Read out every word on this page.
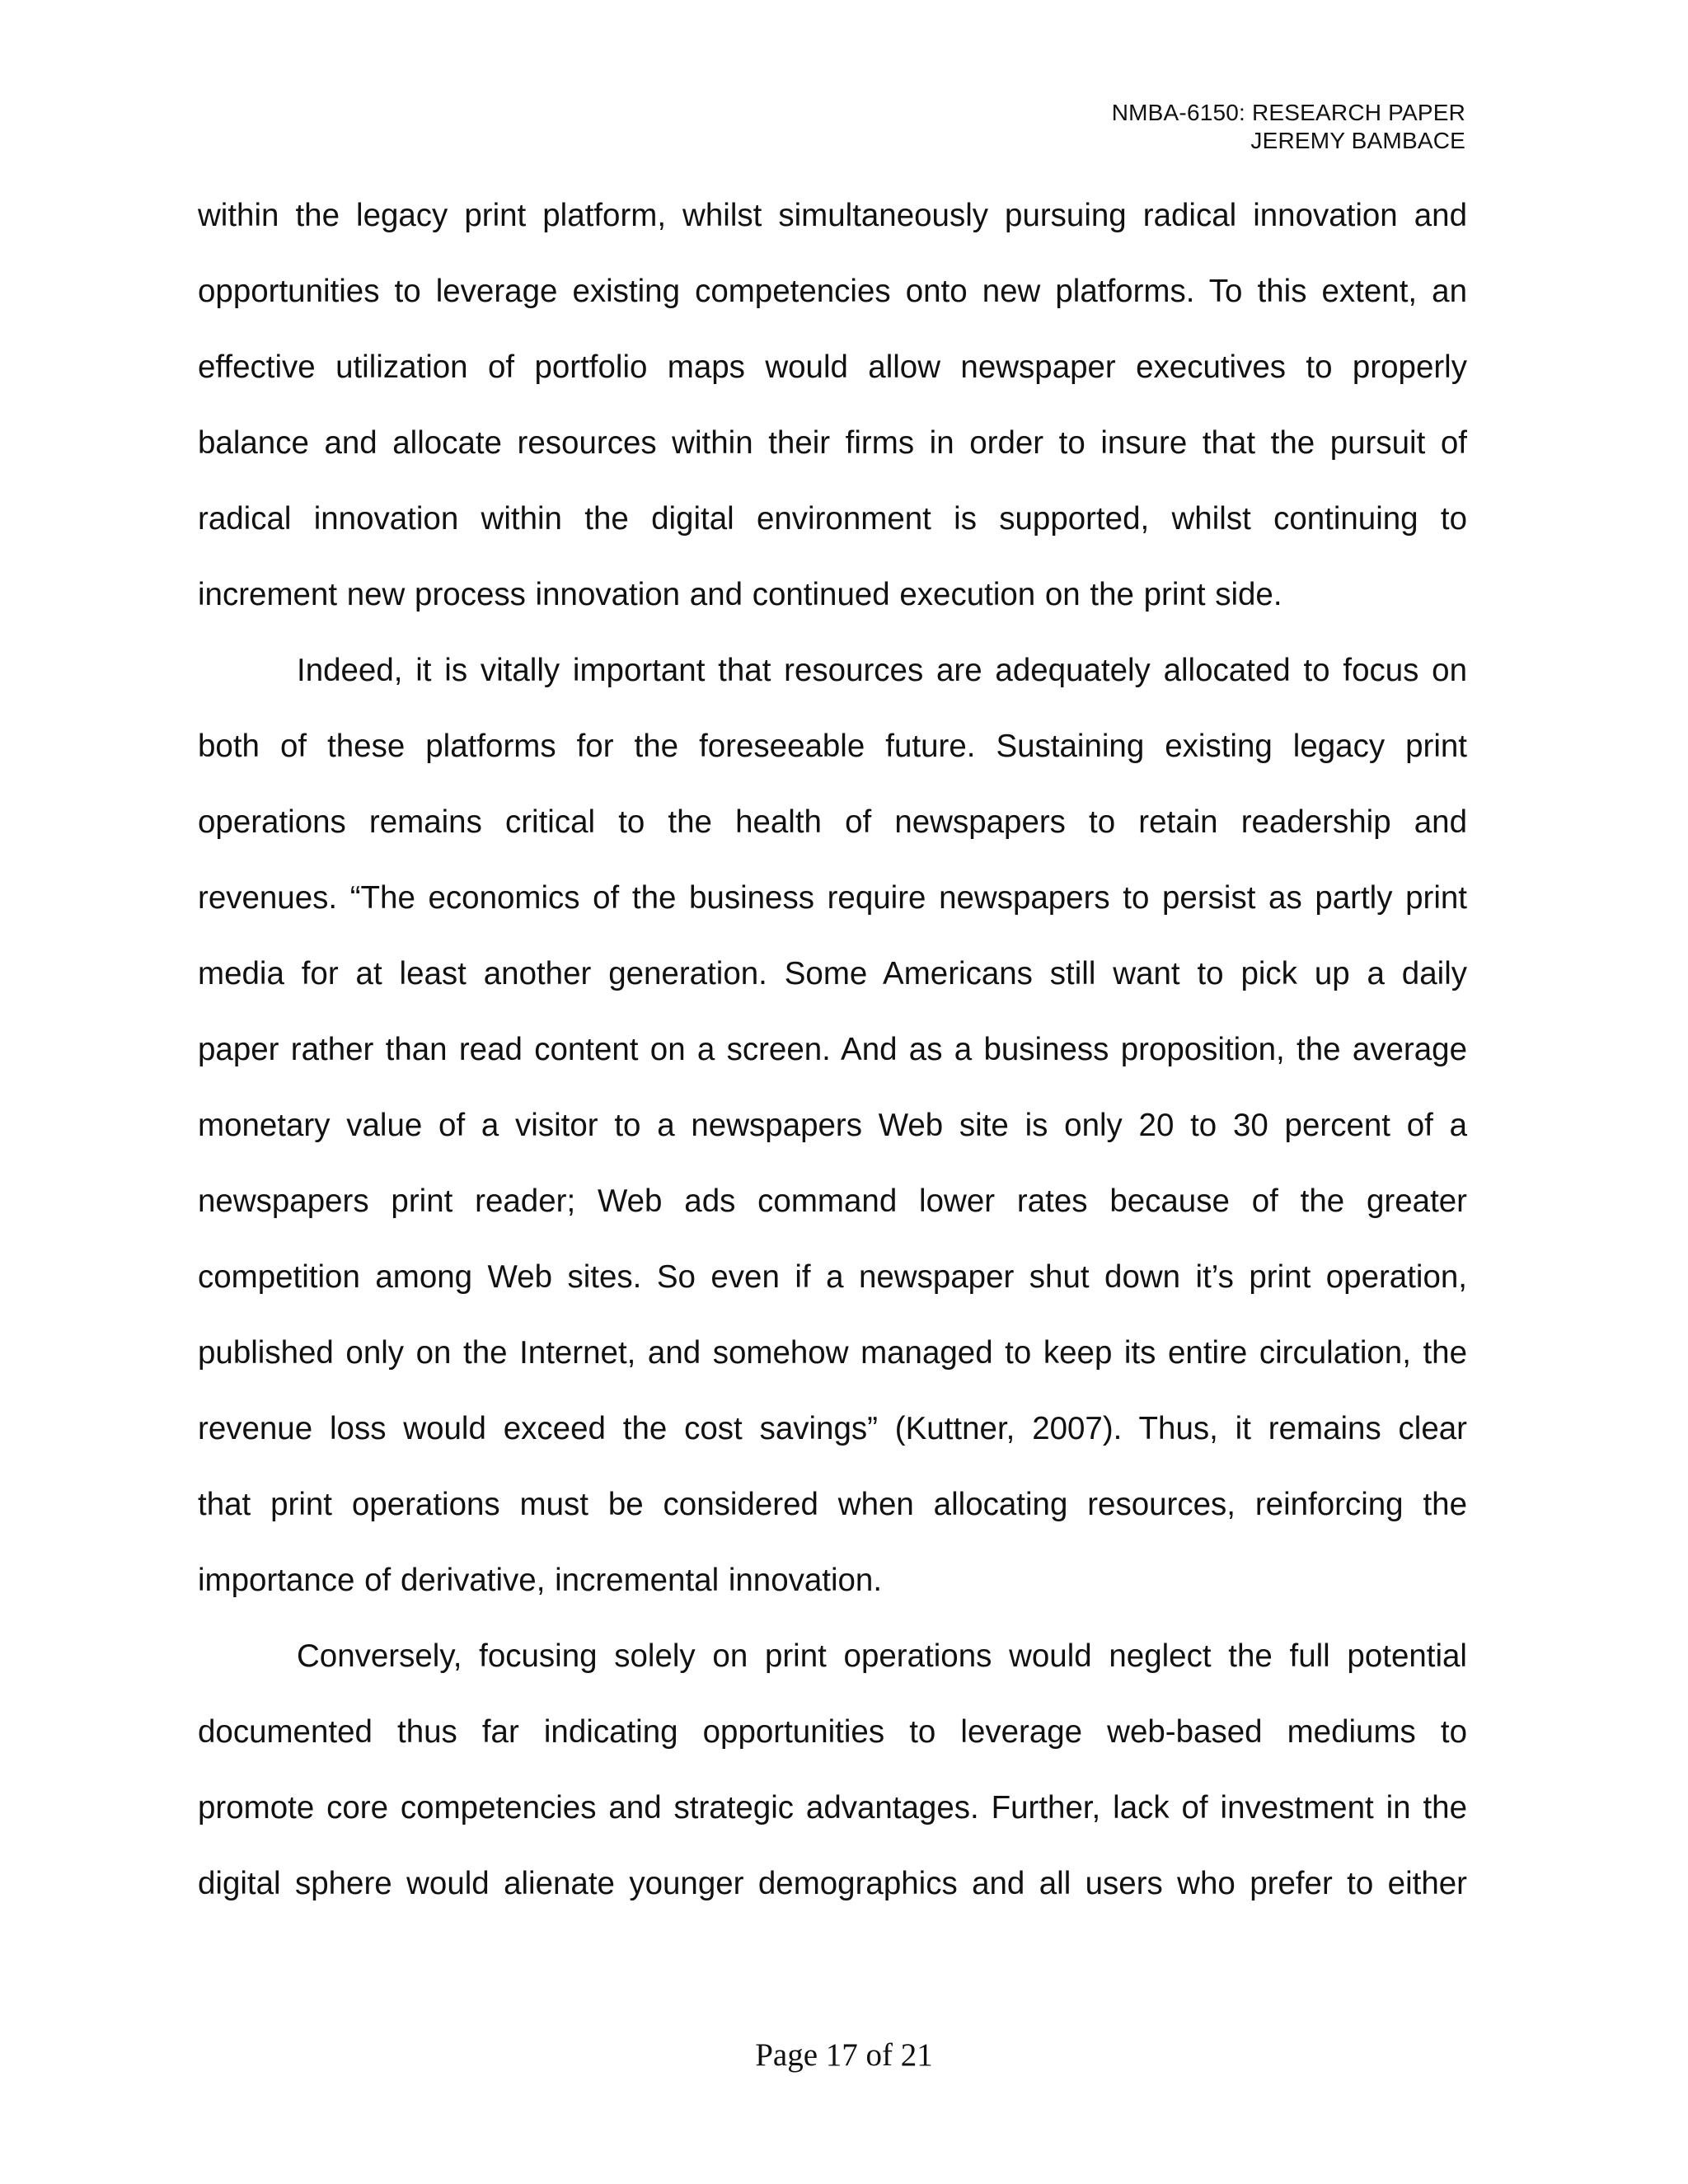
NMBA-6150: RESEARCH PAPER
JEREMY BAMBACE
within the legacy print platform, whilst simultaneously pursuing radical innovation and
opportunities to leverage existing competencies onto new platforms. To this extent, an
effective utilization of portfolio maps would allow newspaper executives to properly
balance and allocate resources within their firms in order to insure that the pursuit of
radical innovation within the digital environment is supported, whilst continuing to
increment new process innovation and continued execution on the print side.
Indeed, it is vitally important that resources are adequately allocated to focus on
both of these platforms for the foreseeable future. Sustaining existing legacy print
operations remains critical to the health of newspapers to retain readership and
revenues. “The economics of the business require newspapers to persist as partly print
media for at least another generation. Some Americans still want to pick up a daily
paper rather than read content on a screen. And as a business proposition, the average
monetary value of a visitor to a newspapers Web site is only 20 to 30 percent of a
newspapers print reader; Web ads command lower rates because of the greater
competition among Web sites. So even if a newspaper shut down it’s print operation,
published only on the Internet, and somehow managed to keep its entire circulation, the
revenue loss would exceed the cost savings” (Kuttner, 2007). Thus, it remains clear
that print operations must be considered when allocating resources, reinforcing the
importance of derivative, incremental innovation.
Conversely, focusing solely on print operations would neglect the full potential
documented thus far indicating opportunities to leverage web-based mediums to
promote core competencies and strategic advantages. Further, lack of investment in the
digital sphere would alienate younger demographics and all users who prefer to either
Page 17 of 21
